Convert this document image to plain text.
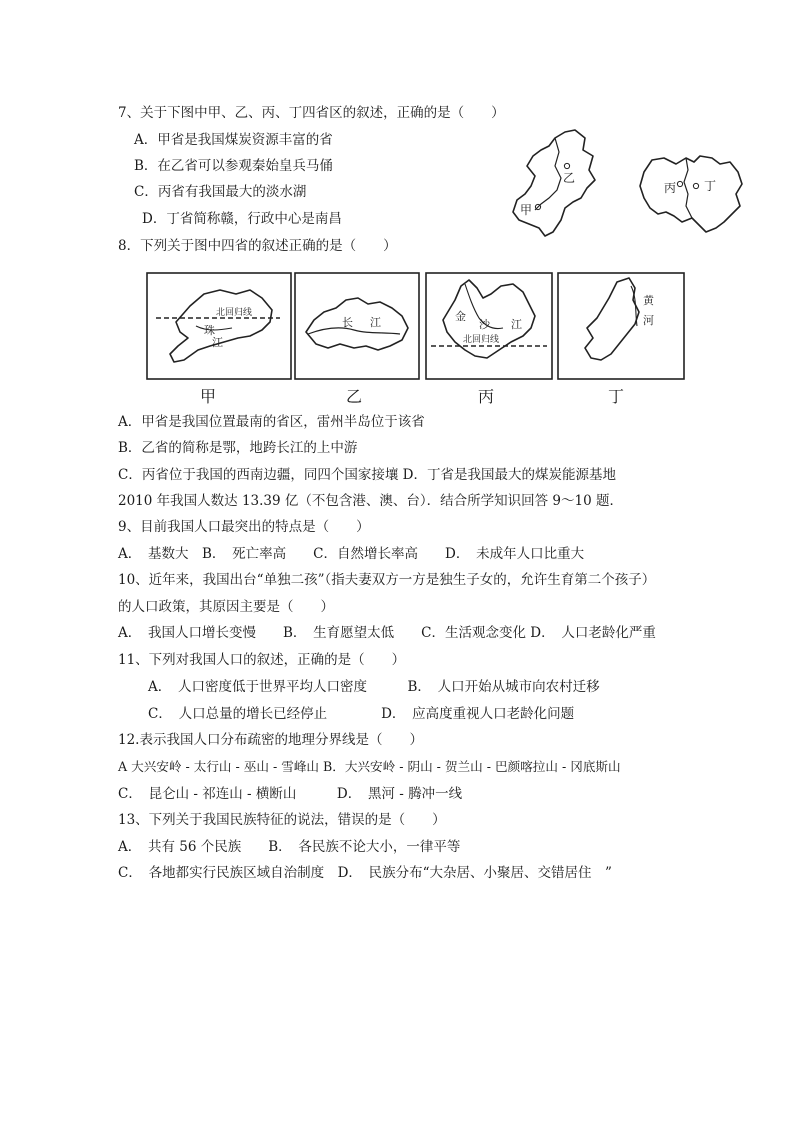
7、关于下图中甲、乙、丙、丁四省区的叙述，正确的是（　　）
A．甲省是我国煤炭资源丰富的省
B．在乙省可以参观秦始皇兵马俑
C．丙省有我国最大的淡水湖
D．丁省简称赣，行政中心是南昌
乙
甲
丙 丁
8．下列关于图中四省的叙述正确的是（　　）
北回归线
珠
江
甲
长 江
乙
金
沙 江
北回归线
丙
黄
河
丁
A．甲省是我国位置最南的省区，雷州半岛位于该省
B．乙省的简称是鄂，地跨长江的上中游
C．丙省位于我国的西南边疆，同四个国家接壤 D．丁省是我国最大的煤炭能源基地
2010 年我国人数达 13.39 亿（不包含港、澳、台）．结合所学知识回答 9～10 题．
9、目前我国人口最突出的特点是（　　）
A．　基数大　B．　死亡率高　　C．自然增长率高　　D．　未成年人口比重大
10、近年来，我国出台“单独二孩”（指夫妻双方一方是独生子女的，允许生育第二个孩子）
的人口政策，其原因主要是（　　）
A．　我国人口增长变慢　　B．　生育愿望太低　　C．生活观念变化 D．　人口老龄化严重
11、下列对我国人口的叙述，正确的是（　　）
A．　人口密度低于世界平均人口密度　　　B．　人口开始从城市向农村迁移
C．　人口总量的增长已经停止　　　　D．　应高度重视人口老龄化问题
12.表示我国人口分布疏密的地理分界线是（　　）
A 大兴安岭 - 太行山 - 巫山 - 雪峰山 B．大兴安岭 - 阴山 - 贺兰山 - 巴颜喀拉山 - 冈底斯山
C．　昆仑山 - 祁连山 - 横断山　　　D．　黑河 - 腾冲一线
13、下列关于我国民族特征的说法，错误的是（　　）
A．　共有 56 个民族　　B．　各民族不论大小，一律平等
C．　各地都实行民族区域自治制度　D．　民族分布“大杂居、小聚居、交错居住　”
